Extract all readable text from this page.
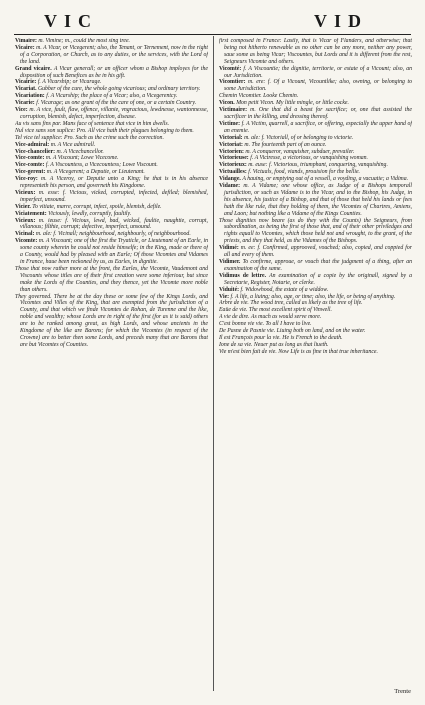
VIC	VID

Vimaire: m. Vimine; m., could the most sing tree.

Vicaire: m. A Vicar, or Vicegerent; also, the Tenant, or Ternement, now in the right of a Corporation, or Church, as to any duties, or the services, with the Lord of the land.

Grand vicaire. A Vicar generall; or an officer whom a Bishop imployes for the disposition of such Benefices as be in his gift.

Vicairie: f. A Vicarship; or Vicarage.

Vicariat. Gubber of the cure, the whole going vicarious; and ordinary territory.

Vicariation: f. A Vicarship; the place of a Vicar; also, a Vicegerentcy.

Vicarie: f. Vicarage; as one grant of the the care of one, or a certain Country.

Vice: m. A vice, fault, flaw, offence, villanie, vngracious, lewdnesse, wantonnesse, corruption, blemish, defect, imperfection, disease.

Au vis sans fins par. Mans face of sentence that vice in him dwells.

Nul vice sans son suplice: Pro. All vice hath their plagues belonging to them.

Tel vice tel supplice: Pro. Such as the crime such the correction.

Vice-admiral: m. A Vice admirall.

Vice-chancelier: m. A Vicechancellor.

Vice-comte: m. A Viscount; Lowe Vicecome.

Vice-comte: f. A Viscountess, a Vicecountess; Lowe Viscount.

Vice-gerent: m. A Vicegerent; a Deputie, or Lieutenant.

Vice-roy: m. A Viceroy, or Deputie unto a King; he that is in his absence representeth his person, and governeth his Kingdome.

Vicieux: m. esse: f. Vicious, vicked, corrupted, infected, defiled; blemished, imperfect, unsound.

Vicier. To vitiate, marre, corrupt, infect, spoile, blemish, defile.

Viciatement: Viciously, lewdly, corruptly, faultily.

Vicieux: m. ieuse: f. Vicious, lewd, bad, wicked, faultie, naughtie, corrupt, villanous; filthie, corrupt; defective, imperfect, unsound.

Vicinal: m. ale: f. Vicinall; neighbourhood, neighbourly, of neighbourhood.

Vicomte: m. A Viscount; one of the first the Tryaticle, or Lieutenant of an Earle, in some county wherein he could not reside himselfe; in the King, made or there of a County, would had by pleased with an Earle; Of those Vicomtes and Vidames in France, haue been reckoned by us, as Earles, in dignitie.

Those that now rather more at the front, the Earles, the Vicomte, Vaudemont and Viscounts whose titles are of their first creation were some inferiour, but since make the Lords of the Counties, and they thence, yet the Vicomte more noble than others.

They governed. There be at the day these or some few of the Kings Lords, and Vicomtes and Villes of the King, that are exempted from the jurisdiction of a County, and that which we finde Vicomtes de Rohan, de Turenne and the like, noble and wealthy; whose Lords are in right of the first (for as it is said) others are to be ranked among great, as high Lords, and whose ancients in the Kingdome of the like are Barons; for which the Vicomtes (in respect of the Crowne) are to better then some Lords, and preceds many that are Barons that are but Vicomtes of Counties.

first composed in France: Lastly, that is Vicar of Flanders, and otherwise; that being not hitherto renewable as no other can be any more, neither any power, saue some as being Vicar; Viscountes, but Lords and it is different from the rest, Seigneurs Vicomte and others.

Vicomté: f. A Viscountie; the dignitie, territorie, or estate of a Vicount; also, an our Jurisdiction.

Vicomtier: m. ere: f. Of a Vicount, Vicountlike; also, owning, or belonging to some Jurisdiction.

Chemin Vicomtier. Looke Chemin.

Vicon. Mon petit Vicon. My little mingle, or little cocke.

Victimaire: m. One that did a beast for sacrifice; or, one that assisted the sacrificer in the killing, and dressing thereof.

Victime: f. A Victim, quarrell, a sacrifice, or offering, especially the upper hand of an enemie.

Victorial: m. ale: f. Victoriall, of or belonging to victorie.

Victoriat: m. The fourteenth part of an ounce.

Victorien: m. A conqueror, vanquisher, subduer, prevailer.

Victorieuse: f. A Victresse, a victorious, or vanquishing woman.

Victorieux: m. euse: f. Victorious, triumphant, conquering, vanquishing.

Victuailles: f. Victuals, food, viands, prouision for the bellie.

Vidange. A hauing, or emptying out of a vessell, a voyding, a vacuatie; a Vidima.

Vidame: m. A Vidame; one whose office, as Judge of a Bishops temporall jurisdiction, or such as Vidame is to the Vicar, and to the Bishop, his Judge, in his absence, his justice of a Bishop, and that of those that held his lands or fees hath the like rule, that they holding of them, the Vicomtes of Chartres, Amiens, and Laon; but nothing like a Vidame of the Kings Counties.

Those dignities now beare (as do they with the Counts) the Seigneurs, from subordination, as being the first of those that, and of their other priviledges and rights equall to Vicomtes, which those held not and wrought, to the grant, of the priests, and they that held, as the Vidames of the Bishops.

Vidimé: m. ee: f. Confirmed, approoved, vouched; also, copied, and coppied for all and every of them.

Vidimer. To confirme, approue, or vouch that the judgment of a thing, after an examination of the same.

Vidimus de lettre. An examination of a copie by the originall, signed by a Secretarie, Register, Notarie, or clerke.

Viduité: f. Widowhood, the estate of a widdow.

Vie: f. A life, a liuing; also, age, or time; also, the life, or being of anything.

Arbre de vie. The wood tree, called as likely as the tree of life.

Eaüe de vie. The most excellent spirit of Vinwell.

A vie de dire. As much as would serve more.

C'est bonne vie vie. To all I have to live.

De Pasne de Pasnie vie. Liuing both on land, and on the water.

Il est François pour la vie. He is French to the death.

Ione de sa vie. Neuer put as long as that liueth.

Vie m'est bien fait de vie. Now Life is as fine in that true inheritance.

Trente
